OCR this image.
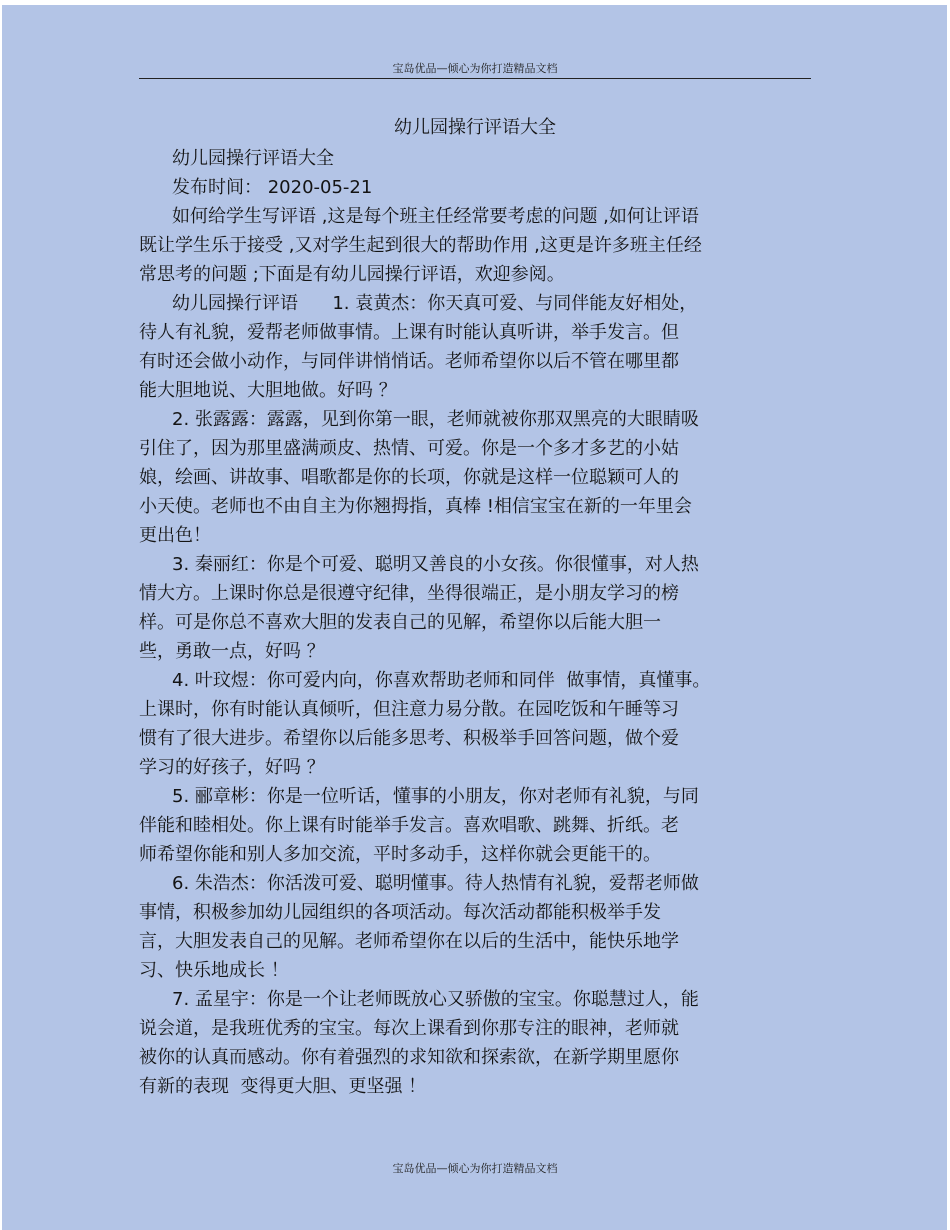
宝岛优品—倾心为你打造精品文档
幼儿园操行评语大全
幼儿园操行评语大全
发布时间： 2020-05-21
如何给学生写评语 ,这是每个班主任经常要考虑的问题 ,如何让评语
既让学生乐于接受 ,又对学生起到很大的帮助作用 ,这更是许多班主任经
常思考的问题 ;下面是有幼儿园操行评语，欢迎参阅。
幼儿园操行评语      1. 袁黄杰：你天真可爱、与同伴能友好相处，
待人有礼貌，爱帮老师做事情。上课有时能认真听讲，举手发言。但
有时还会做小动作，与同伴讲悄悄话。老师希望你以后不管在哪里都
能大胆地说、大胆地做。好吗 ？
2. 张露露：露露，见到你第一眼，老师就被你那双黑亮的大眼睛吸
引住了，因为那里盛满顽皮、热情、可爱。你是一个多才多艺的小姑
娘，绘画、讲故事、唱歌都是你的长项，你就是这样一位聪颖可人的
小天使。老师也不由自主为你翘拇指，真棒 !相信宝宝在新的一年里会
更出色！
3. 秦丽红：你是个可爱、聪明又善良的小女孩。你很懂事，对人热
情大方。上课时你总是很遵守纪律，坐得很端正，是小朋友学习的榜
样。可是你总不喜欢大胆的发表自己的见解，希望你以后能大胆一
些，勇敢一点，好吗 ？
4. 叶玟煜：你可爱内向，你喜欢帮助老师和同伴  做事情，真懂事。
上课时，你有时能认真倾听，但注意力易分散。在园吃饭和午睡等习
惯有了很大进步。希望你以后能多思考、积极举手回答问题，做个爱
学习的好孩子，好吗 ？
5. 郦章彬：你是一位听话，懂事的小朋友，你对老师有礼貌，与同
伴能和睦相处。你上课有时能举手发言。喜欢唱歌、跳舞、折纸。老
师希望你能和别人多加交流，平时多动手，这样你就会更能干的。
6. 朱浩杰：你活泼可爱、聪明懂事。待人热情有礼貌，爱帮老师做
事情，积极参加幼儿园组织的各项活动。每次活动都能积极举手发
言，大胆发表自己的见解。老师希望你在以后的生活中，能快乐地学
习、快乐地成长 ！
7. 孟星宇：你是一个让老师既放心又骄傲的宝宝。你聪慧过人，能
说会道，是我班优秀的宝宝。每次上课看到你那专注的眼神，老师就
被你的认真而感动。你有着强烈的求知欲和探索欲，在新学期里愿你
有新的表现  变得更大胆、更坚强 ！
宝岛优品—倾心为你打造精品文档
